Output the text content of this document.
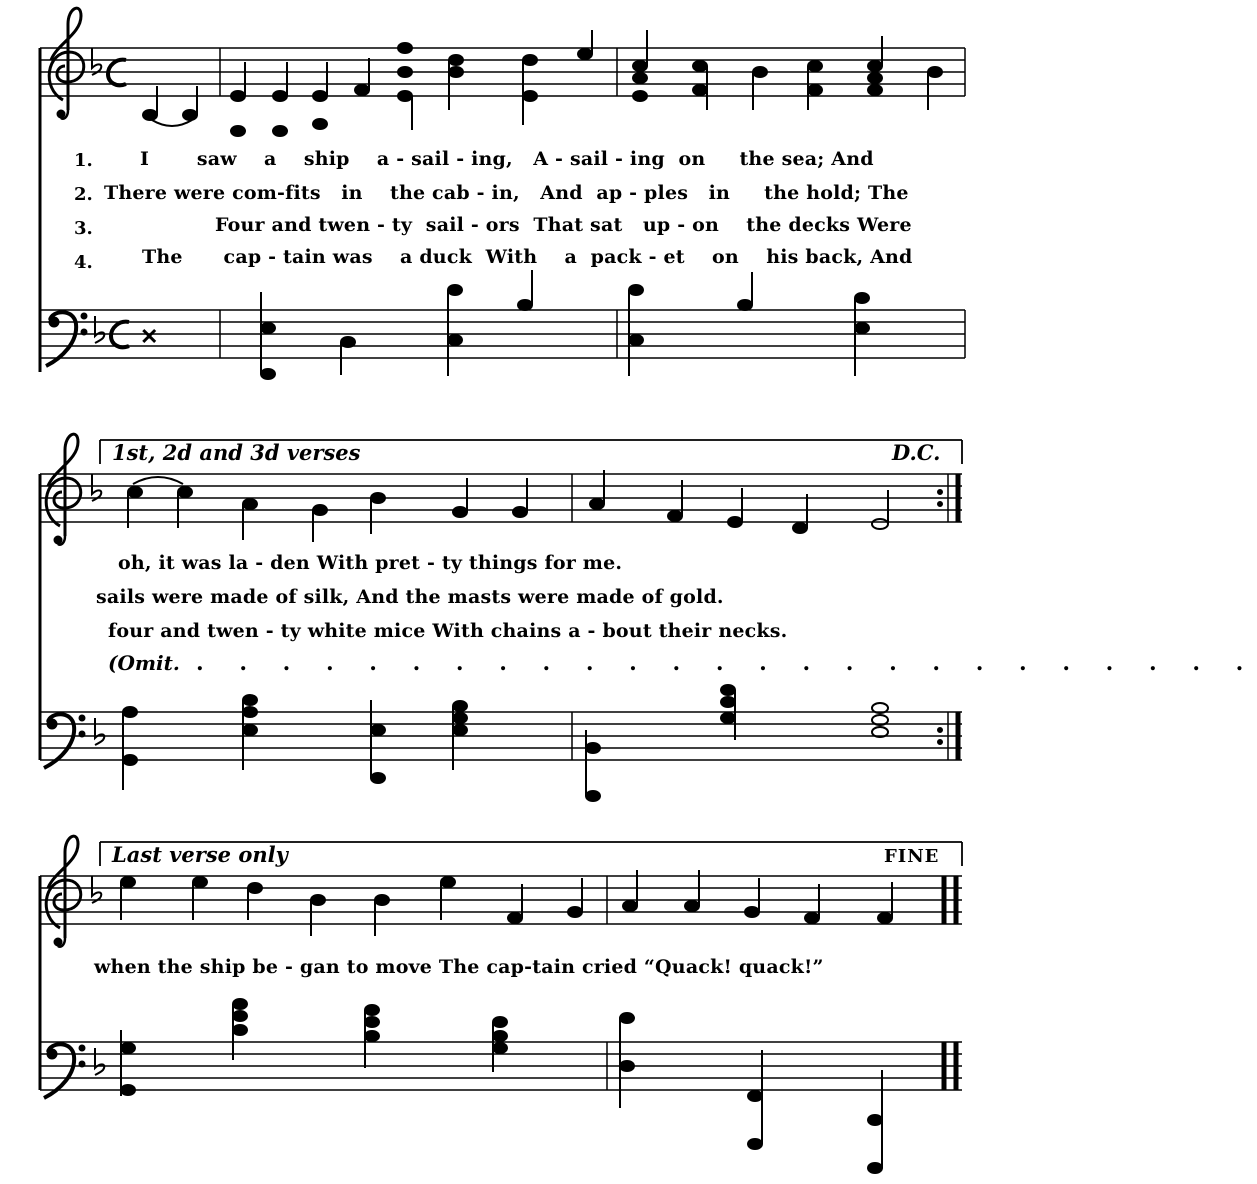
✕
1. I	saw a ship a - sail - ing, A - sail - ing on the sea; And
2. There were com-fits in the cab - in, And ap - ples in the hold; The
3.	Four and twen - ty sail - ors That sat up - on the decks Were
4.	The cap - tain was a duck With a pack - et on his back, And
1st, 2d and 3d verses	D.C.
oh, it was la - den With pret - ty things for me.
sails were made of silk, And the masts were made of gold.
four and twen - ty white mice With chains a - bout their necks.
(Omit. . . . . . . . . . . . . . . . . . . . . . . . . .
Last verse only	FINE
when the ship be - gan to move The cap-tain cried “Quack! quack!”
